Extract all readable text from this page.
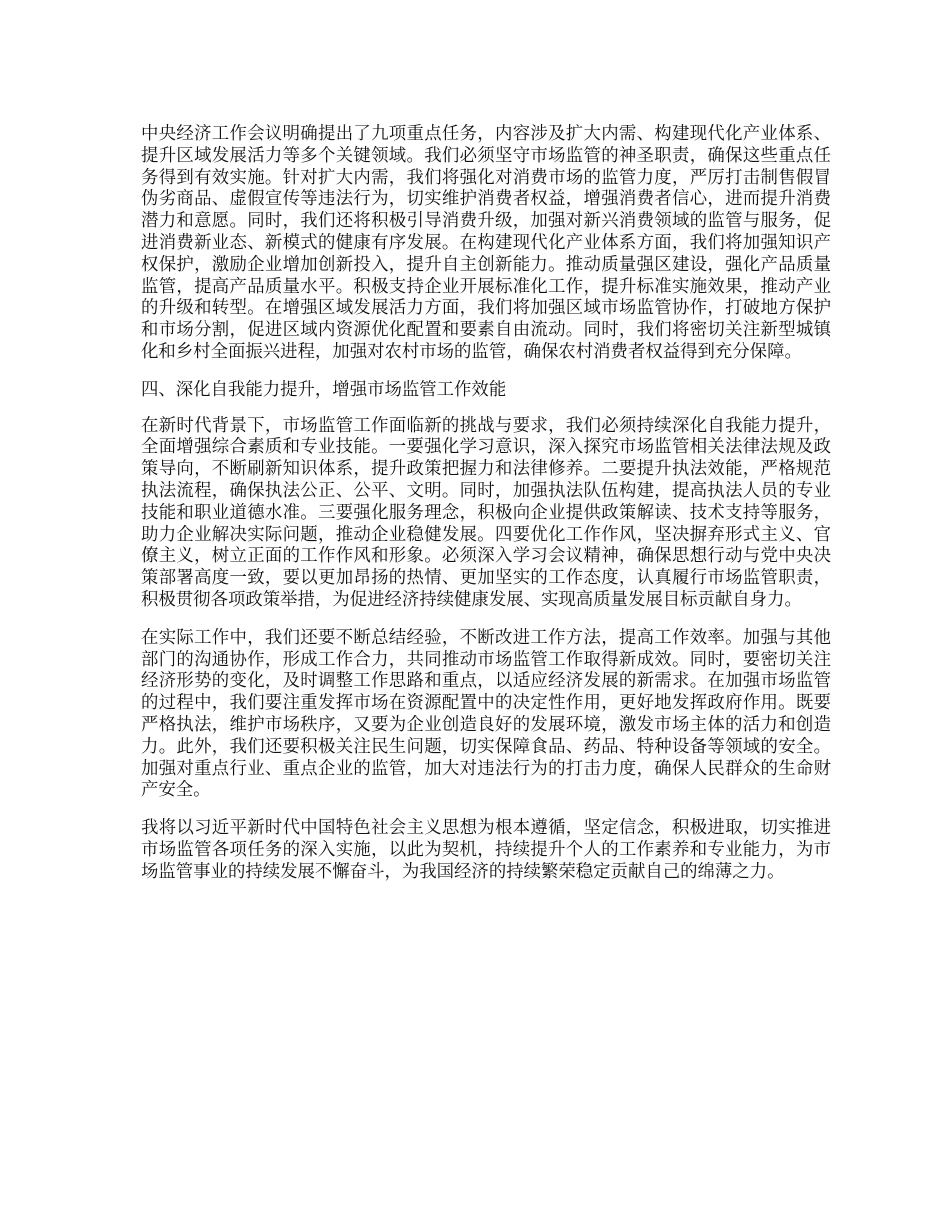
中央经济工作会议明确提出了九项重点任务，内容涉及扩大内需、构建现代化产业体系、提升区域发展活力等多个关键领域。我们必须坚守市场监管的神圣职责，确保这些重点任务得到有效实施。针对扩大内需，我们将强化对消费市场的监管力度，严厉打击制售假冒伪劣商品、虚假宣传等违法行为，切实维护消费者权益，增强消费者信心，进而提升消费潜力和意愿。同时，我们还将积极引导消费升级，加强对新兴消费领域的监管与服务，促进消费新业态、新模式的健康有序发展。在构建现代化产业体系方面，我们将加强知识产权保护，激励企业增加创新投入，提升自主创新能力。推动质量强区建设，强化产品质量监管，提高产品质量水平。积极支持企业开展标准化工作，提升标准实施效果，推动产业的升级和转型。在增强区域发展活力方面，我们将加强区域市场监管协作，打破地方保护和市场分割，促进区域内资源优化配置和要素自由流动。同时，我们将密切关注新型城镇化和乡村全面振兴进程，加强对农村市场的监管，确保农村消费者权益得到充分保障。

四、深化自我能力提升，增强市场监管工作效能

在新时代背景下，市场监管工作面临新的挑战与要求，我们必须持续深化自我能力提升，全面增强综合素质和专业技能。一要强化学习意识，深入探究市场监管相关法律法规及政策导向，不断刷新知识体系，提升政策把握力和法律修养。二要提升执法效能，严格规范执法流程，确保执法公正、公平、文明。同时，加强执法队伍构建，提高执法人员的专业技能和职业道德水准。三要强化服务理念，积极向企业提供政策解读、技术支持等服务，助力企业解决实际问题，推动企业稳健发展。四要优化工作作风，坚决摒弃形式主义、官僚主义，树立正面的工作作风和形象。必须深入学习会议精神，确保思想行动与党中央决策部署高度一致，要以更加昂扬的热情、更加坚实的工作态度，认真履行市场监管职责，积极贯彻各项政策举措，为促进经济持续健康发展、实现高质量发展目标贡献自身力。

在实际工作中，我们还要不断总结经验，不断改进工作方法，提高工作效率。加强与其他部门的沟通协作，形成工作合力，共同推动市场监管工作取得新成效。同时，要密切关注经济形势的变化，及时调整工作思路和重点，以适应经济发展的新需求。在加强市场监管的过程中，我们要注重发挥市场在资源配置中的决定性作用，更好地发挥政府作用。既要严格执法，维护市场秩序，又要为企业创造良好的发展环境，激发市场主体的活力和创造力。此外，我们还要积极关注民生问题，切实保障食品、药品、特种设备等领域的安全。加强对重点行业、重点企业的监管，加大对违法行为的打击力度，确保人民群众的生命财产安全。

我将以习近平新时代中国特色社会主义思想为根本遵循，坚定信念，积极进取，切实推进市场监管各项任务的深入实施，以此为契机，持续提升个人的工作素养和专业能力，为市场监管事业的持续发展不懈奋斗，为我国经济的持续繁荣稳定贡献自己的绵薄之力。
